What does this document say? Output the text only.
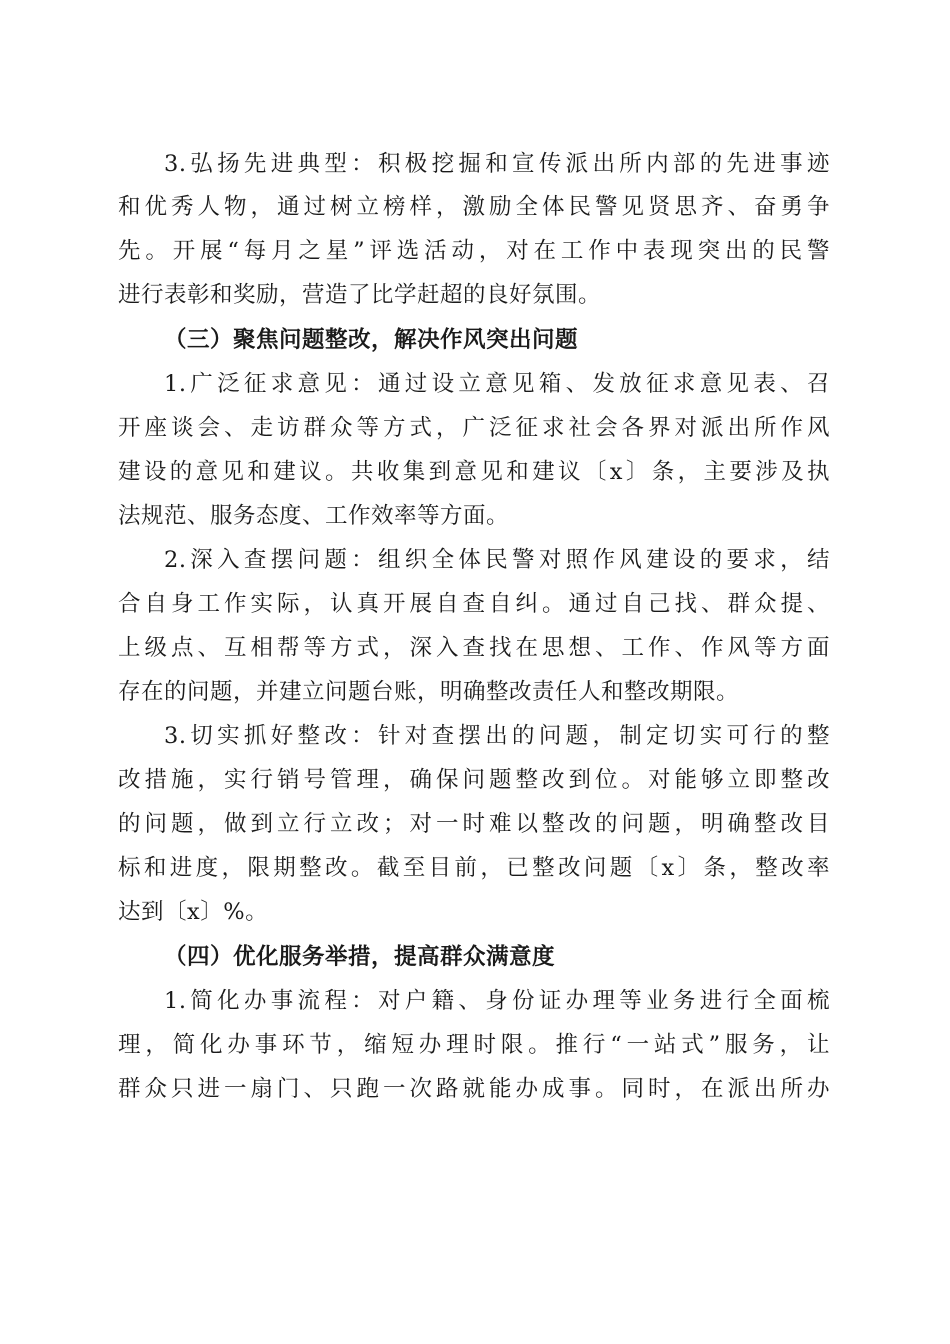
3.弘扬先进典型：积极挖掘和宣传派出所内部的先进事迹
和优秀人物，通过树立榜样，激励全体民警见贤思齐、奋勇争
先。开展“每月之星”评选活动，对在工作中表现突出的民警
进行表彰和奖励，营造了比学赶超的良好氛围。
（三）聚焦问题整改，解决作风突出问题
1.广泛征求意见：通过设立意见箱、发放征求意见表、召
开座谈会、走访群众等方式，广泛征求社会各界对派出所作风
建设的意见和建议。共收集到意见和建议〔x〕条，主要涉及执
法规范、服务态度、工作效率等方面。
2.深入查摆问题：组织全体民警对照作风建设的要求，结
合自身工作实际，认真开展自查自纠。通过自己找、群众提、
上级点、互相帮等方式，深入查找在思想、工作、作风等方面
存在的问题，并建立问题台账，明确整改责任人和整改期限。
3.切实抓好整改：针对查摆出的问题，制定切实可行的整
改措施，实行销号管理，确保问题整改到位。对能够立即整改
的问题，做到立行立改；对一时难以整改的问题，明确整改目
标和进度，限期整改。截至目前，已整改问题〔x〕条，整改率
达到〔x〕%。
（四）优化服务举措，提高群众满意度
1.简化办事流程：对户籍、身份证办理等业务进行全面梳
理，简化办事环节，缩短办理时限。推行“一站式”服务，让
群众只进一扇门、只跑一次路就能办成事。同时，在派出所办
